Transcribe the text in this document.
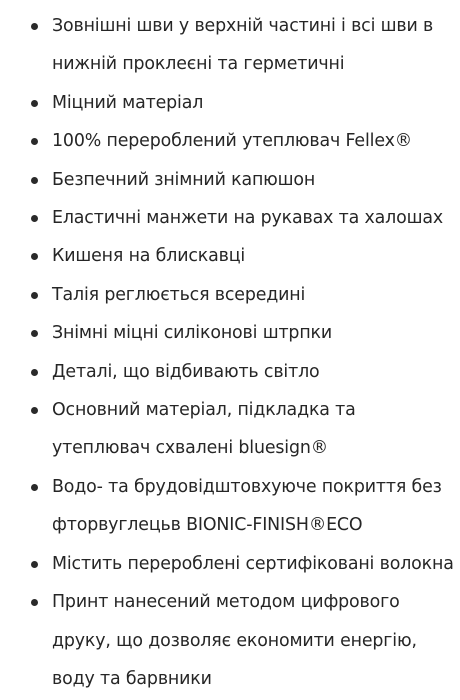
Зовнішні шви у верхній частині і всі шви в нижній проклеєні та герметичні
Міцний матеріал
100% перероблений утеплювач Fellex®
Безпечний знімний капюшон
Еластичні манжети на рукавах та халошах
Кишеня на блискавці
Талія реглюється всередині
Знімні міцні силіконові штрпки
Деталі, що відбивають світло
Основний матеріал, підкладка та утеплювач схвалені bluesign®
Водо- та брудовідштовхуюче покриття без фторвуглецьв BIONIC-FINISH®ECO
Містить перероблені сертифіковані волокна
Принт нанесений методом цифрового друку, що дозволяє економити енергію, воду та барвники
